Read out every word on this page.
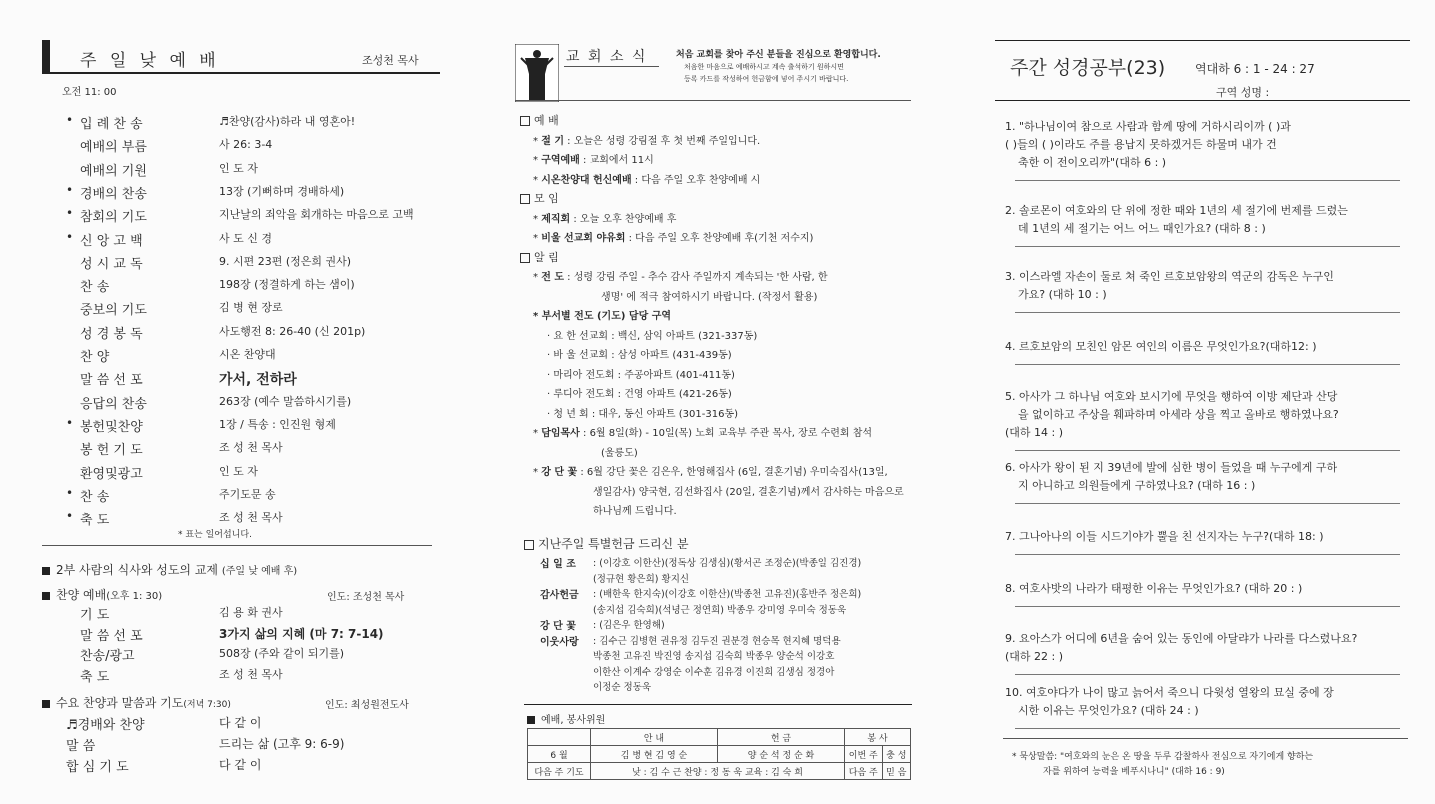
주 일 낮 예 배	조성천 목사
오전 11: 00
• 입 례 찬 송	♬찬양(감사)하라 내 영혼아!
예배의 부름	사 26: 3-4
예배의 기원	인 도 자
• 경배의 찬송	13장 (기뻐하며 경배하세)
• 참회의 기도	지난날의 죄악을 회개하는 마음으로 고백
• 신 앙 고 백	사 도 신 경
성 시 교 독	9. 시편 23편 (정은희 권사)
찬 송	198장 (정결하게 하는 샘이)
중보의 기도	김 병 현 장로
성 경 봉 독	사도행전 8: 26-40 (신 201p)
찬 양	시온 찬양대
말 씀 선 포	가서, 전하라
응답의 찬송	263장 (예수 말씀하시기를)
• 봉헌및찬양	1장 / 특송 : 인진원 형제
봉 헌 기 도	조 성 천 목사
환영및광고	인 도 자
• 찬 송	주기도문 송
• 축 도	조 성 천 목사
* 표는 일어섭니다.
2부 사람의 식사와 성도의 교제 (주일 낮 예배 후)
찬양 예배(오후 1: 30)	인도: 조성천 목사
기 도	김 용 화 권사
말 씀 선 포	3가지 삶의 지혜 (마 7: 7-14)
찬송/광고	508장 (주와 같이 되기를)
축 도	조 성 천 목사
수요 찬양과 말씀과 기도(저녁 7:30)	인도: 최성원전도사
♬경배와 찬양	다 같 이
말 씀	드리는 삶 (고후 9: 6-9)
합 심 기 도	다 같 이
교 회 소 식	처음 교회를 찾아 주신 분들을 진심으로 환영합니다.
처음한 마음으로 예배하시고 계속 출석하기 원하시면
등록 카드를 작성하여 헌금함에 넣어 주시기 바랍니다.
예 배
* 절 기 : 오늘은 성령 강림절 후 첫 번째 주일입니다.
* 구역예배 : 교회에서 11시
* 시온찬양대 헌신예배 : 다음 주일 오후 찬양예배 시
모 임
* 제직회 : 오늘 오후 찬양예배 후
* 비울 선교회 야유회 : 다음 주일 오후 찬양예배 후(기천 저수지)
알 림
* 전 도 : 성령 강림 주일 - 추수 감사 주일까지 계속되는 '한 사람, 한
생명' 에 적극 참여하시기 바랍니다. (작정서 활용)
* 부서별 전도 (기도) 담당 구역
· 요 한 선교회 : 백신, 삼익 아파트 (321-337동)
· 바 울 선교회 : 삼성 아파트 (431-439동)
· 마리아 전도회 : 주공아파트 (401-411동)
· 루디아 전도회 : 건영 아파트 (421-26동)
· 청 년 회 : 대우, 동신 아파트 (301-316동)
* 담임목사 : 6월 8일(화) - 10일(목) 노회 교육부 주관 목사, 장로 수련회 참석
(울릉도)
* 강 단 꽃 : 6월 강단 꽃은 김은우, 한영해집사 (6일, 결혼기념) 우미숙집사(13일,
생일감사) 양국현, 김선화집사 (20일, 결혼기념)께서 감사하는 마음으로
하나님께 드립니다.
지난주일 특별헌금 드리신 분
십 일 조 : (이강호 이한산)(정독상 김생심)(황서곤 조정순)(박종일 김진경)
(정규현 황은희) 황지신
감사헌금 : (배한욱 한지숙)(이강호 이한산)(박종천 고유진)(홍반주 정은희)
(송지섭 김숙희)(석녕근 정연희) 박종우 강미영 우미숙 정동욱
강 단 꽃 : (김은우 한영해)
이웃사랑 : 김수근 김병현 권유정 김두진 권분경 현승목 현지혜 명덕용
박종천 고유진 박진영 송지섭 김숙희 박종우 양순석 이강호
이한산 이계수 강영순 이수훈 김유경 이진희 김생심 정경아
이정순 정동욱
예배, 봉사위원
	안 내	헌 금	봉 사	
6 월	김 병 현 김 영 순	양 순 석 정 순 화	이번 주	충 성
다음 주 기도	낮 : 김 수 근 찬양 : 정 동 욱 교육 : 김 숙 희		다음 주	믿 음
주간 성경공부(23) 역대하 6 : 1 - 24 : 27
구역 성명 :
1. "하나님이여 참으로 사람과 함께 땅에 거하시리이까 ( )과
( )들의 ( )이라도 주를 용납지 못하겠거든 하물며 내가 건
축한 이 전이오리까"(대하 6 : )
2. 솔로몬이 여호와의 단 위에 정한 때와 1년의 세 절기에 번제를 드렸는
데 1년의 세 절기는 어느 어느 때인가요? (대하 8 : )
3. 이스라엘 자손이 둘로 쳐 죽인 르호보암왕의 역군의 감독은 누구인
가요? (대하 10 : )
4. 르호보암의 모친인 암몬 여인의 이름은 무엇인가요?(대하12: )
5. 아사가 그 하나님 여호와 보시기에 무엇을 행하여 이방 제단과 산당
을 없이하고 주상을 훼파하며 아세라 상을 찍고 올바로 행하였나요?
(대하 14 : )
6. 아사가 왕이 된 지 39년에 발에 심한 병이 들었을 때 누구에게 구하
지 아니하고 의원들에게 구하였나요? (대하 16 : )
7. 그나아나의 이들 시드기야가 뿔을 친 선지자는 누구?(대하 18: )
8. 여호사밧의 나라가 태평한 이유는 무엇인가요? (대하 20 : )
9. 요아스가 어디에 6년을 숨어 있는 동인에 아달랴가 나라를 다스렸나요?
(대하 22 : )
10. 여호야다가 나이 많고 늙어서 죽으니 다윗성 열왕의 묘실 중에 장
시한 이유는 무엇인가요? (대하 24 : )
* 묵상말씀: "여호와의 눈은 온 땅을 두루 감찰하사 전심으로 자기에게 향하는
자를 위하여 능력을 베푸시나니" (대하 16 : 9)
